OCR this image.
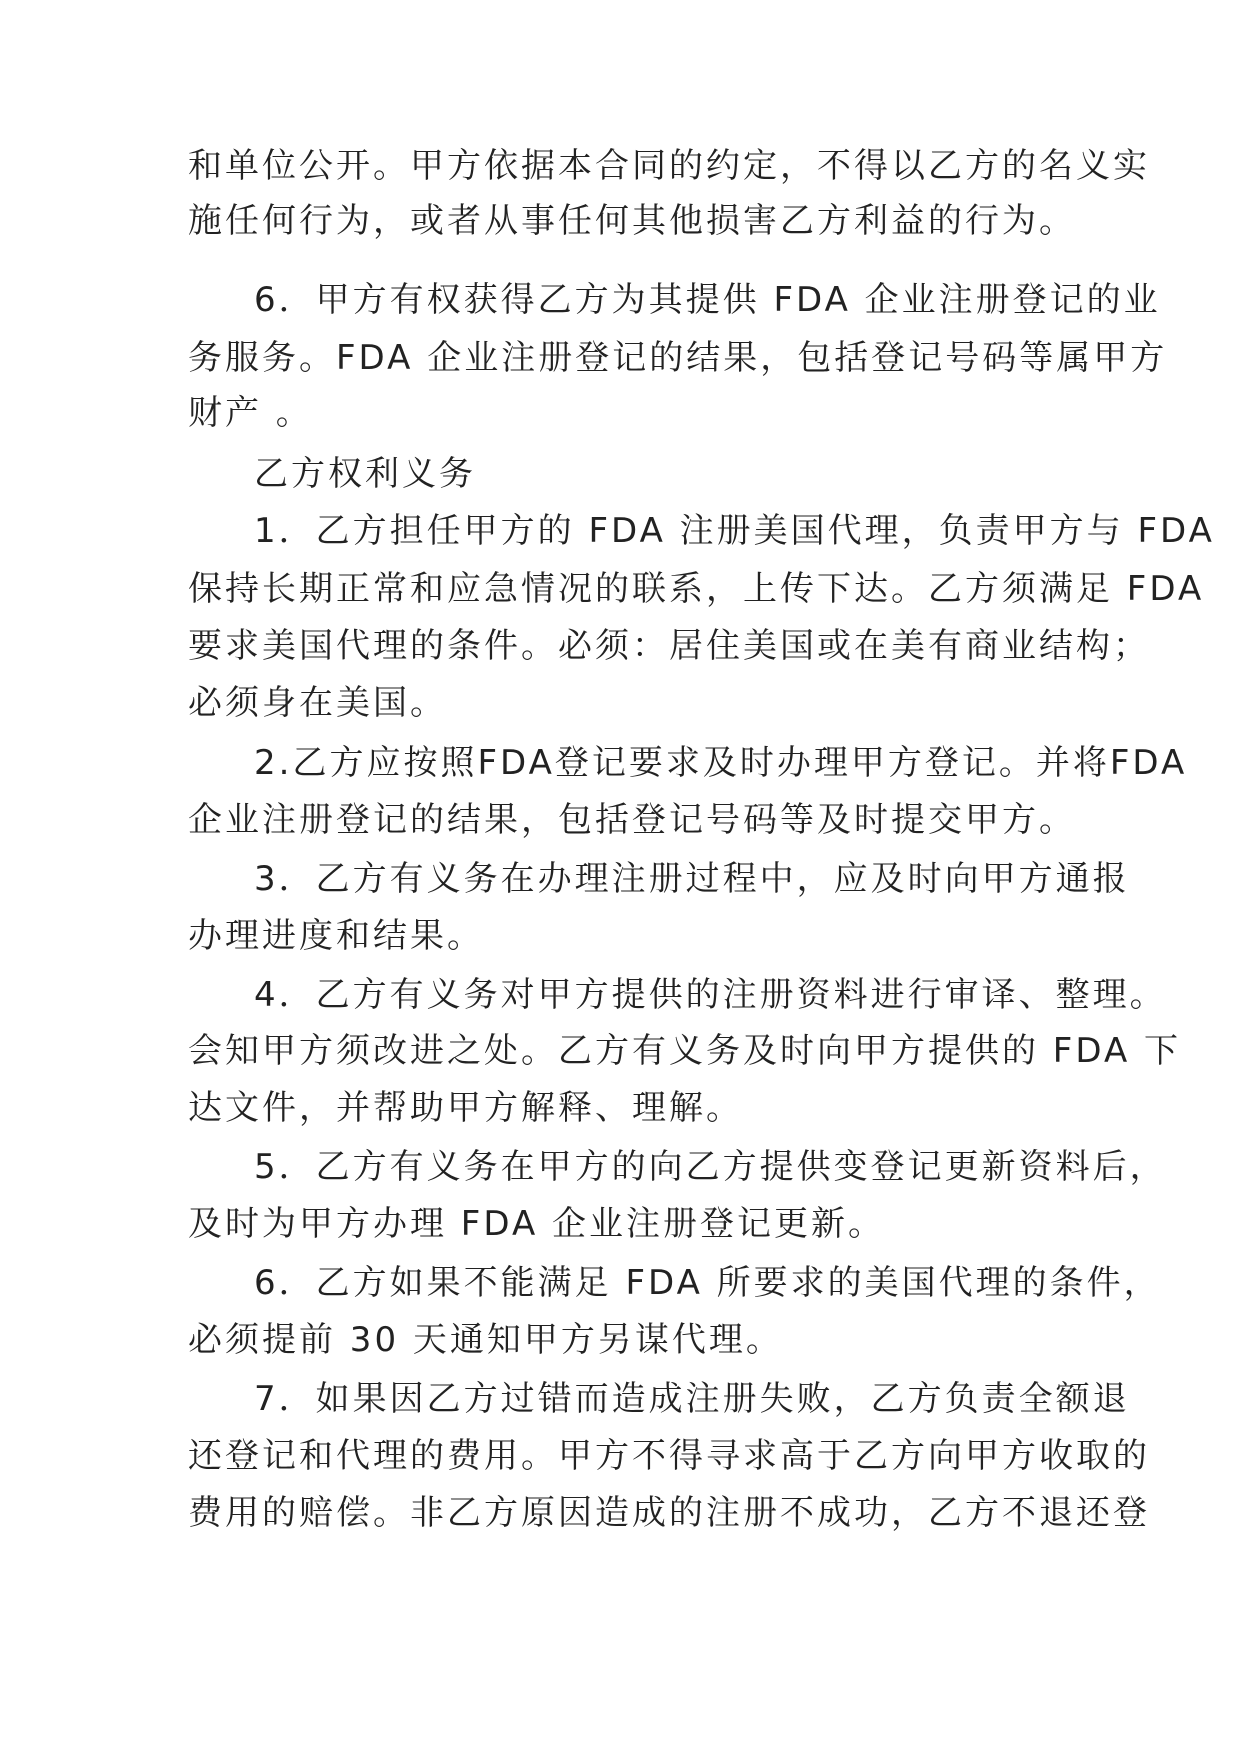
和单位公开。甲方依据本合同的约定，不得以乙方的名义实
施任何行为，或者从事任何其他损害乙方利益的行为。
6．甲方有权获得乙方为其提供 FDA 企业注册登记的业
务服务。FDA 企业注册登记的结果，包括登记号码等属甲方
财产 。
乙方权利义务
1．乙方担任甲方的 FDA 注册美国代理，负责甲方与 FDA
保持长期正常和应急情况的联系，上传下达。乙方须满足 FDA
要求美国代理的条件。必须：居住美国或在美有商业结构；
必须身在美国。
2.乙方应按照FDA登记要求及时办理甲方登记。并将FDA
企业注册登记的结果，包括登记号码等及时提交甲方。
3．乙方有义务在办理注册过程中，应及时向甲方通报
办理进度和结果。
4．乙方有义务对甲方提供的注册资料进行审译、整理。
会知甲方须改进之处。乙方有义务及时向甲方提供的 FDA 下
达文件，并帮助甲方解释、理解。
5．乙方有义务在甲方的向乙方提供变登记更新资料后，
及时为甲方办理 FDA 企业注册登记更新。
6．乙方如果不能满足 FDA 所要求的美国代理的条件，
必须提前 30 天通知甲方另谋代理。
7．如果因乙方过错而造成注册失败，乙方负责全额退
还登记和代理的费用。甲方不得寻求高于乙方向甲方收取的
费用的赔偿。非乙方原因造成的注册不成功，乙方不退还登
